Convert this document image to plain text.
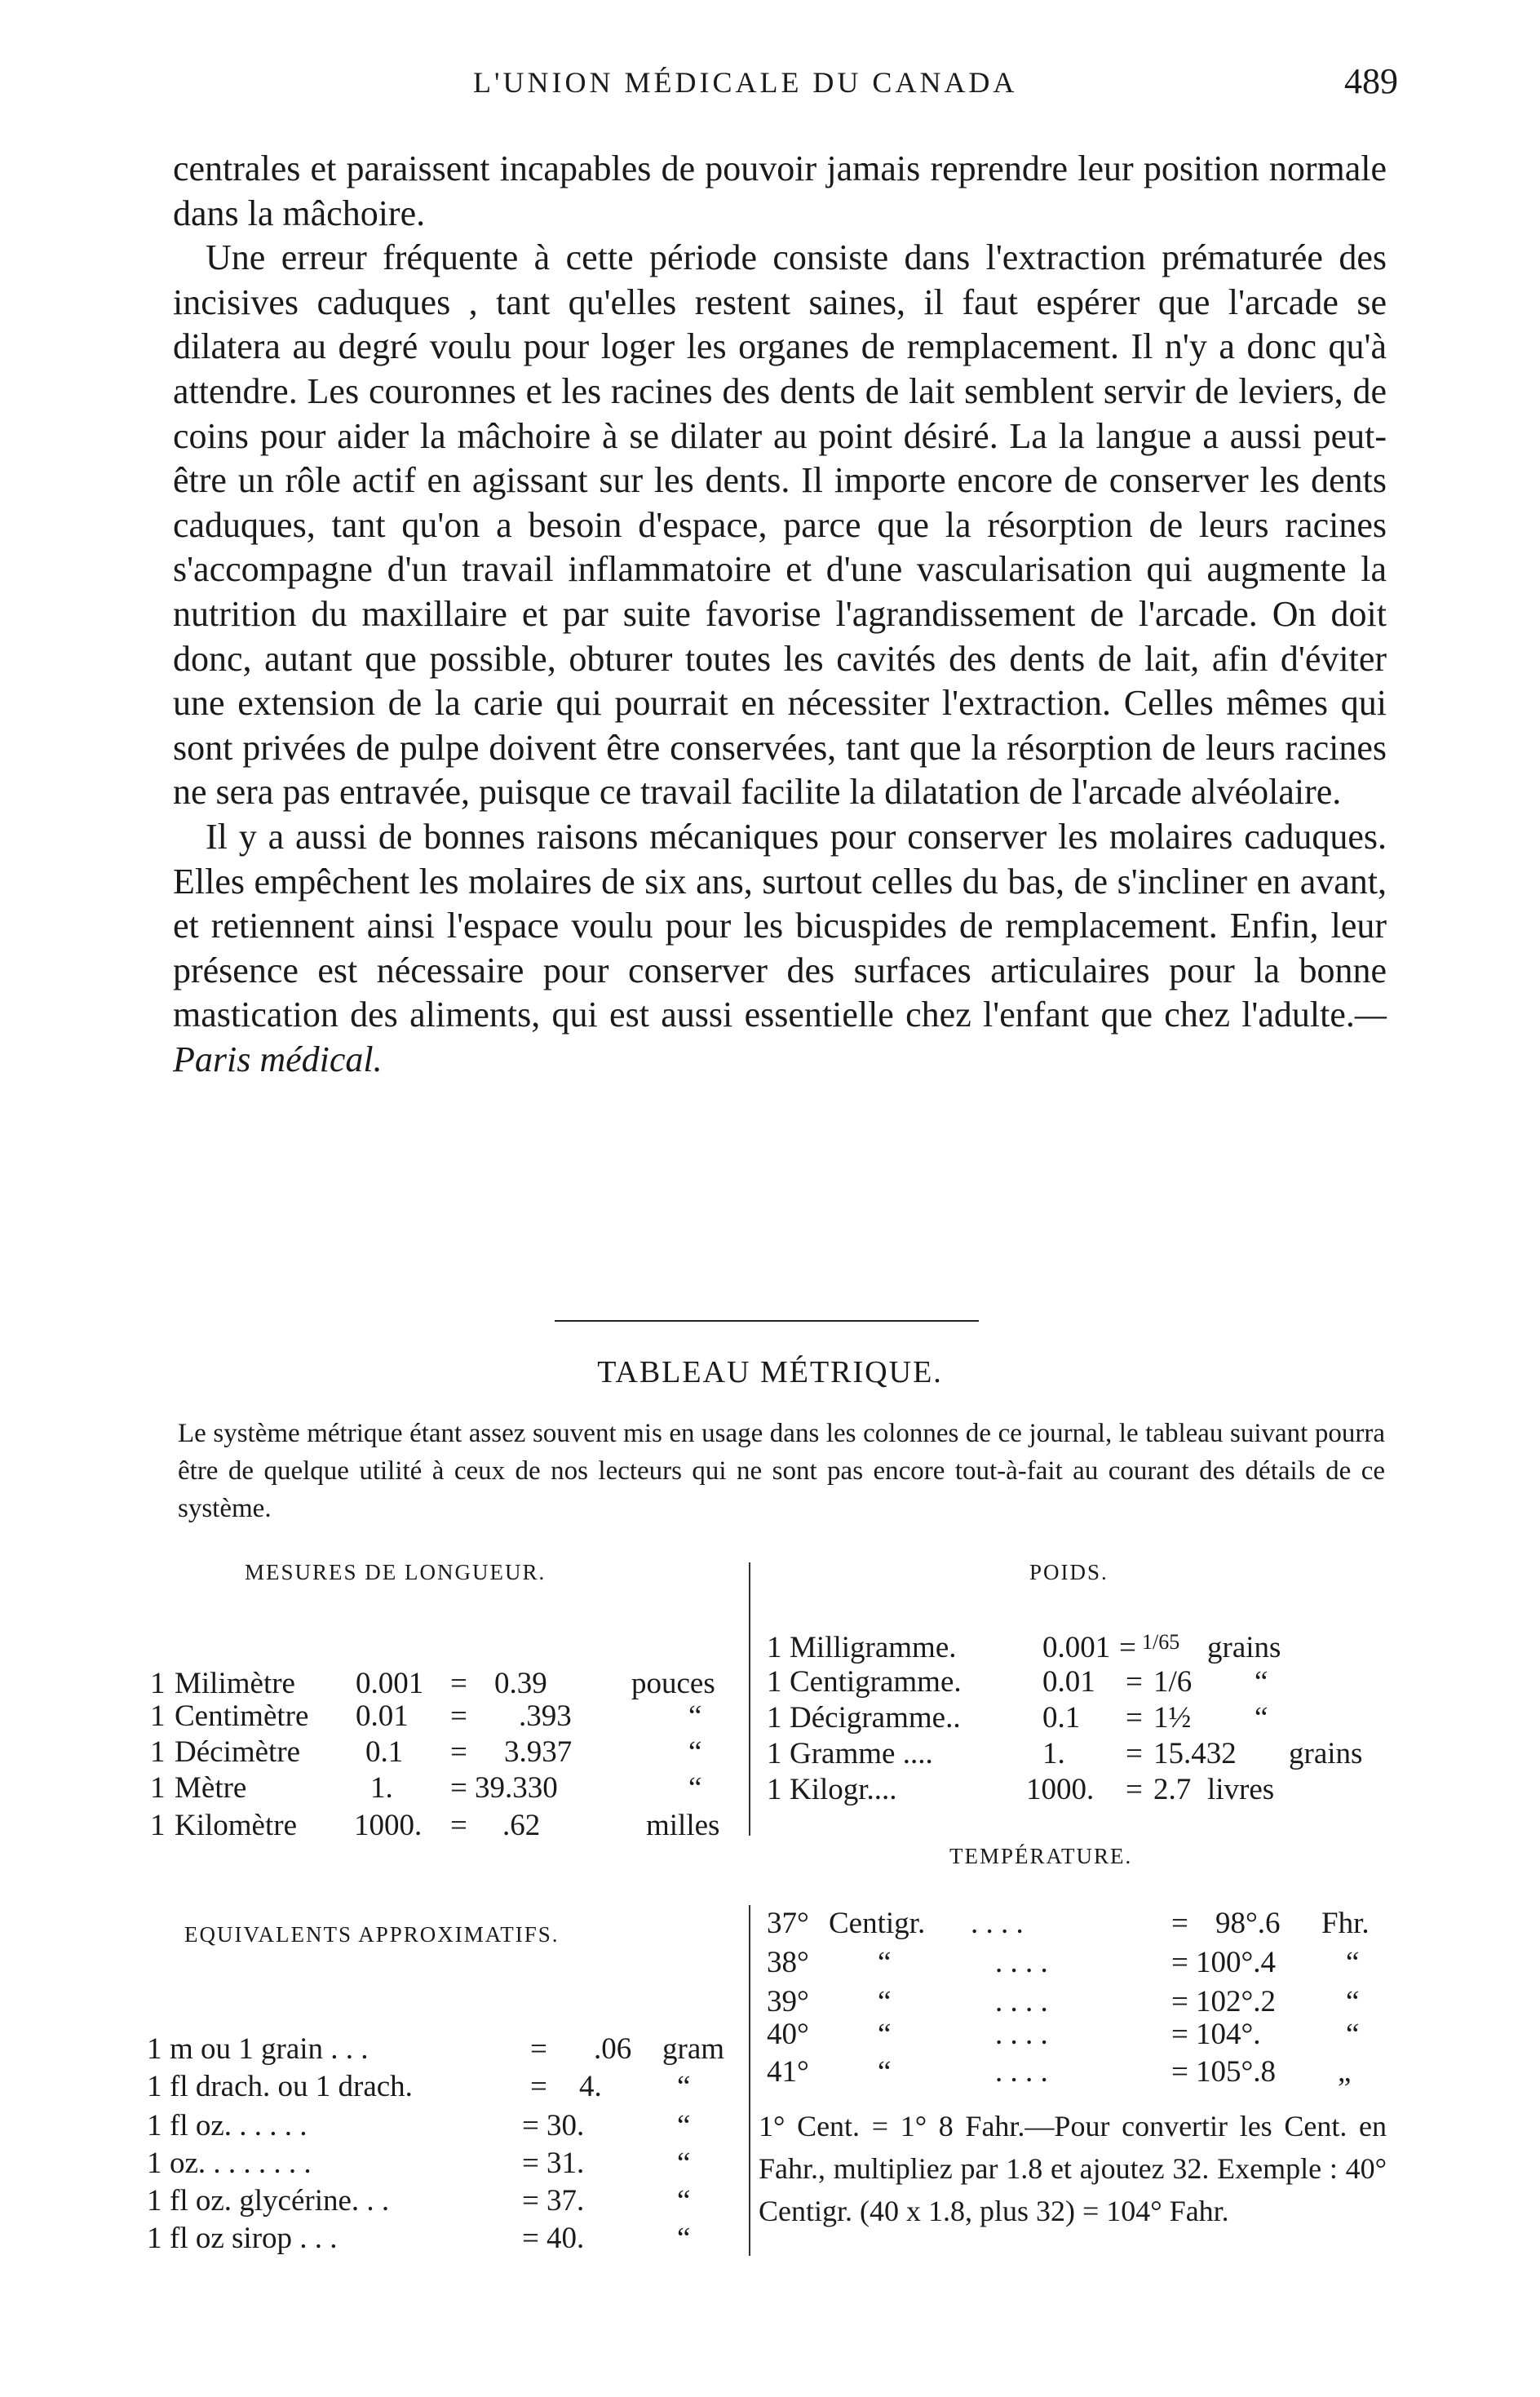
L'UNION MÉDICALE DU CANADA	489

centrales et paraissent incapables de pouvoir jamais reprendre leur position normale dans la mâchoire.

Une erreur fréquente à cette période consiste dans l'extraction prématurée des incisives caduques , tant qu'elles restent saines, il faut espérer que l'arcade se dilatera au degré voulu pour loger les organes de remplacement. Il n'y a donc qu'à attendre. Les couronnes et les racines des dents de lait semblent servir de leviers, de coins pour aider la mâchoire à se dilater au point désiré. La la langue a aussi peut-être un rôle actif en agissant sur les dents. Il importe encore de conserver les dents caduques, tant qu'on a besoin d'espace, parce que la résorption de leurs racines s'accompagne d'un travail inflammatoire et d'une vascularisation qui augmente la nutrition du maxillaire et par suite favorise l'agrandissement de l'arcade. On doit donc, autant que possible, obturer toutes les cavités des dents de lait, afin d'éviter une extension de la carie qui pourrait en nécessiter l'extraction. Celles mêmes qui sont privées de pulpe doivent être conservées, tant que la résorption de leurs racines ne sera pas entravée, puisque ce travail facilite la dilatation de l'arcade alvéolaire.

Il y a aussi de bonnes raisons mécaniques pour conserver les molaires caduques. Elles empêchent les molaires de six ans, surtout celles du bas, de s'incliner en avant, et retiennent ainsi l'espace voulu pour les bicuspides de remplacement. Enfin, leur présence est nécessaire pour conserver des surfaces articulaires pour la bonne mastication des aliments, qui est aussi essentielle chez l'enfant que chez l'adulte.—Paris médical.

TABLEAU MÉTRIQUE.
Le système métrique étant assez souvent mis en usage dans les colonnes de ce journal, le tableau suivant pourra être de quelque utilité à ceux de nos lecteurs qui ne sont pas encore tout-à-fait au courant des détails de ce système.
MESURES DE LONGUEUR.	POIDS.
1 Milimètre 0.001 = 0.39	pouces
1 Centimètre 0.01 = .393	“
1 Décimètre 0.1 = 3.937	“
1 Mètre	1. = 39.330	“
1 Kilomètre 1000. = .62	milles
1 Milligramme.	0.001 = 1/65 grains
1 Centigramme.	0.01 = 1/6 “
1 Décigramme..	0.1 = 1½ “
1 Gramme ....	1. = 15.432 grains
1 Kilogr....	1000. = 2.7 livres
EQUIVALENTS APPROXIMATIFS.
1 m ou 1 grain . . .	= .06 gram
1 fl drach. ou 1 drach.	= 4. “
1 fl oz. . . . . .	= 30.	“
1 oz. . . . . . . .	= 31.	“
1 fl oz. glycérine. . .	= 37.	“
1 fl oz sirop . . .	= 40.	“
TEMPÉRATURE.
37° Centigr. . . . .	= 98°.6 Fhr.
38° “	. . . .	= 100°.4 “
39° “	. . . .	= 102°.2 “
40° “	. . . .	= 104°.	“
41° “	. . . .	= 105°.8 „

1° Cent. = 1° 8 Fahr.—Pour convertir les Cent. en Fahr., multipliez par 1.8 et ajoutez 32. Exemple : 40° Centigr. (40 x 1.8, plus 32) = 104° Fahr.
